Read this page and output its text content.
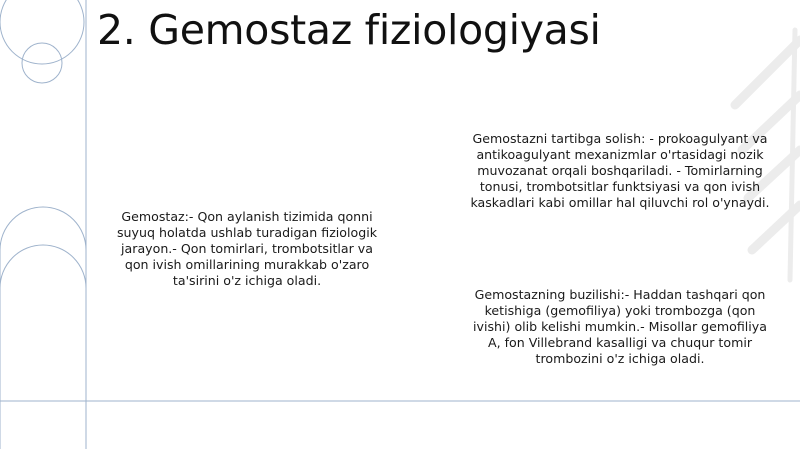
2. Gemostaz fiziologiyasi
Gemostaz:- Qon aylanish tizimida qonni
suyuq holatda ushlab turadigan fiziologik
jarayon.- Qon tomirlari, trombotsitlar va
qon ivish omillarining murakkab o'zaro
ta'sirini o'z ichiga oladi.
Gemostazni tartibga solish: - prokoagulyant va
antikoagulyant mexanizmlar o'rtasidagi nozik
muvozanat orqali boshqariladi. - Tomirlarning
tonusi, trombotsitlar funktsiyasi va qon ivish
kaskadlari kabi omillar hal qiluvchi rol o'ynaydi.
Gemostazning buzilishi:- Haddan tashqari qon
ketishiga (gemofiliya) yoki trombozga (qon
ivishi) olib kelishi mumkin.- Misollar gemofiliya
A, fon Villebrand kasalligi va chuqur tomir
trombozini o'z ichiga oladi.
